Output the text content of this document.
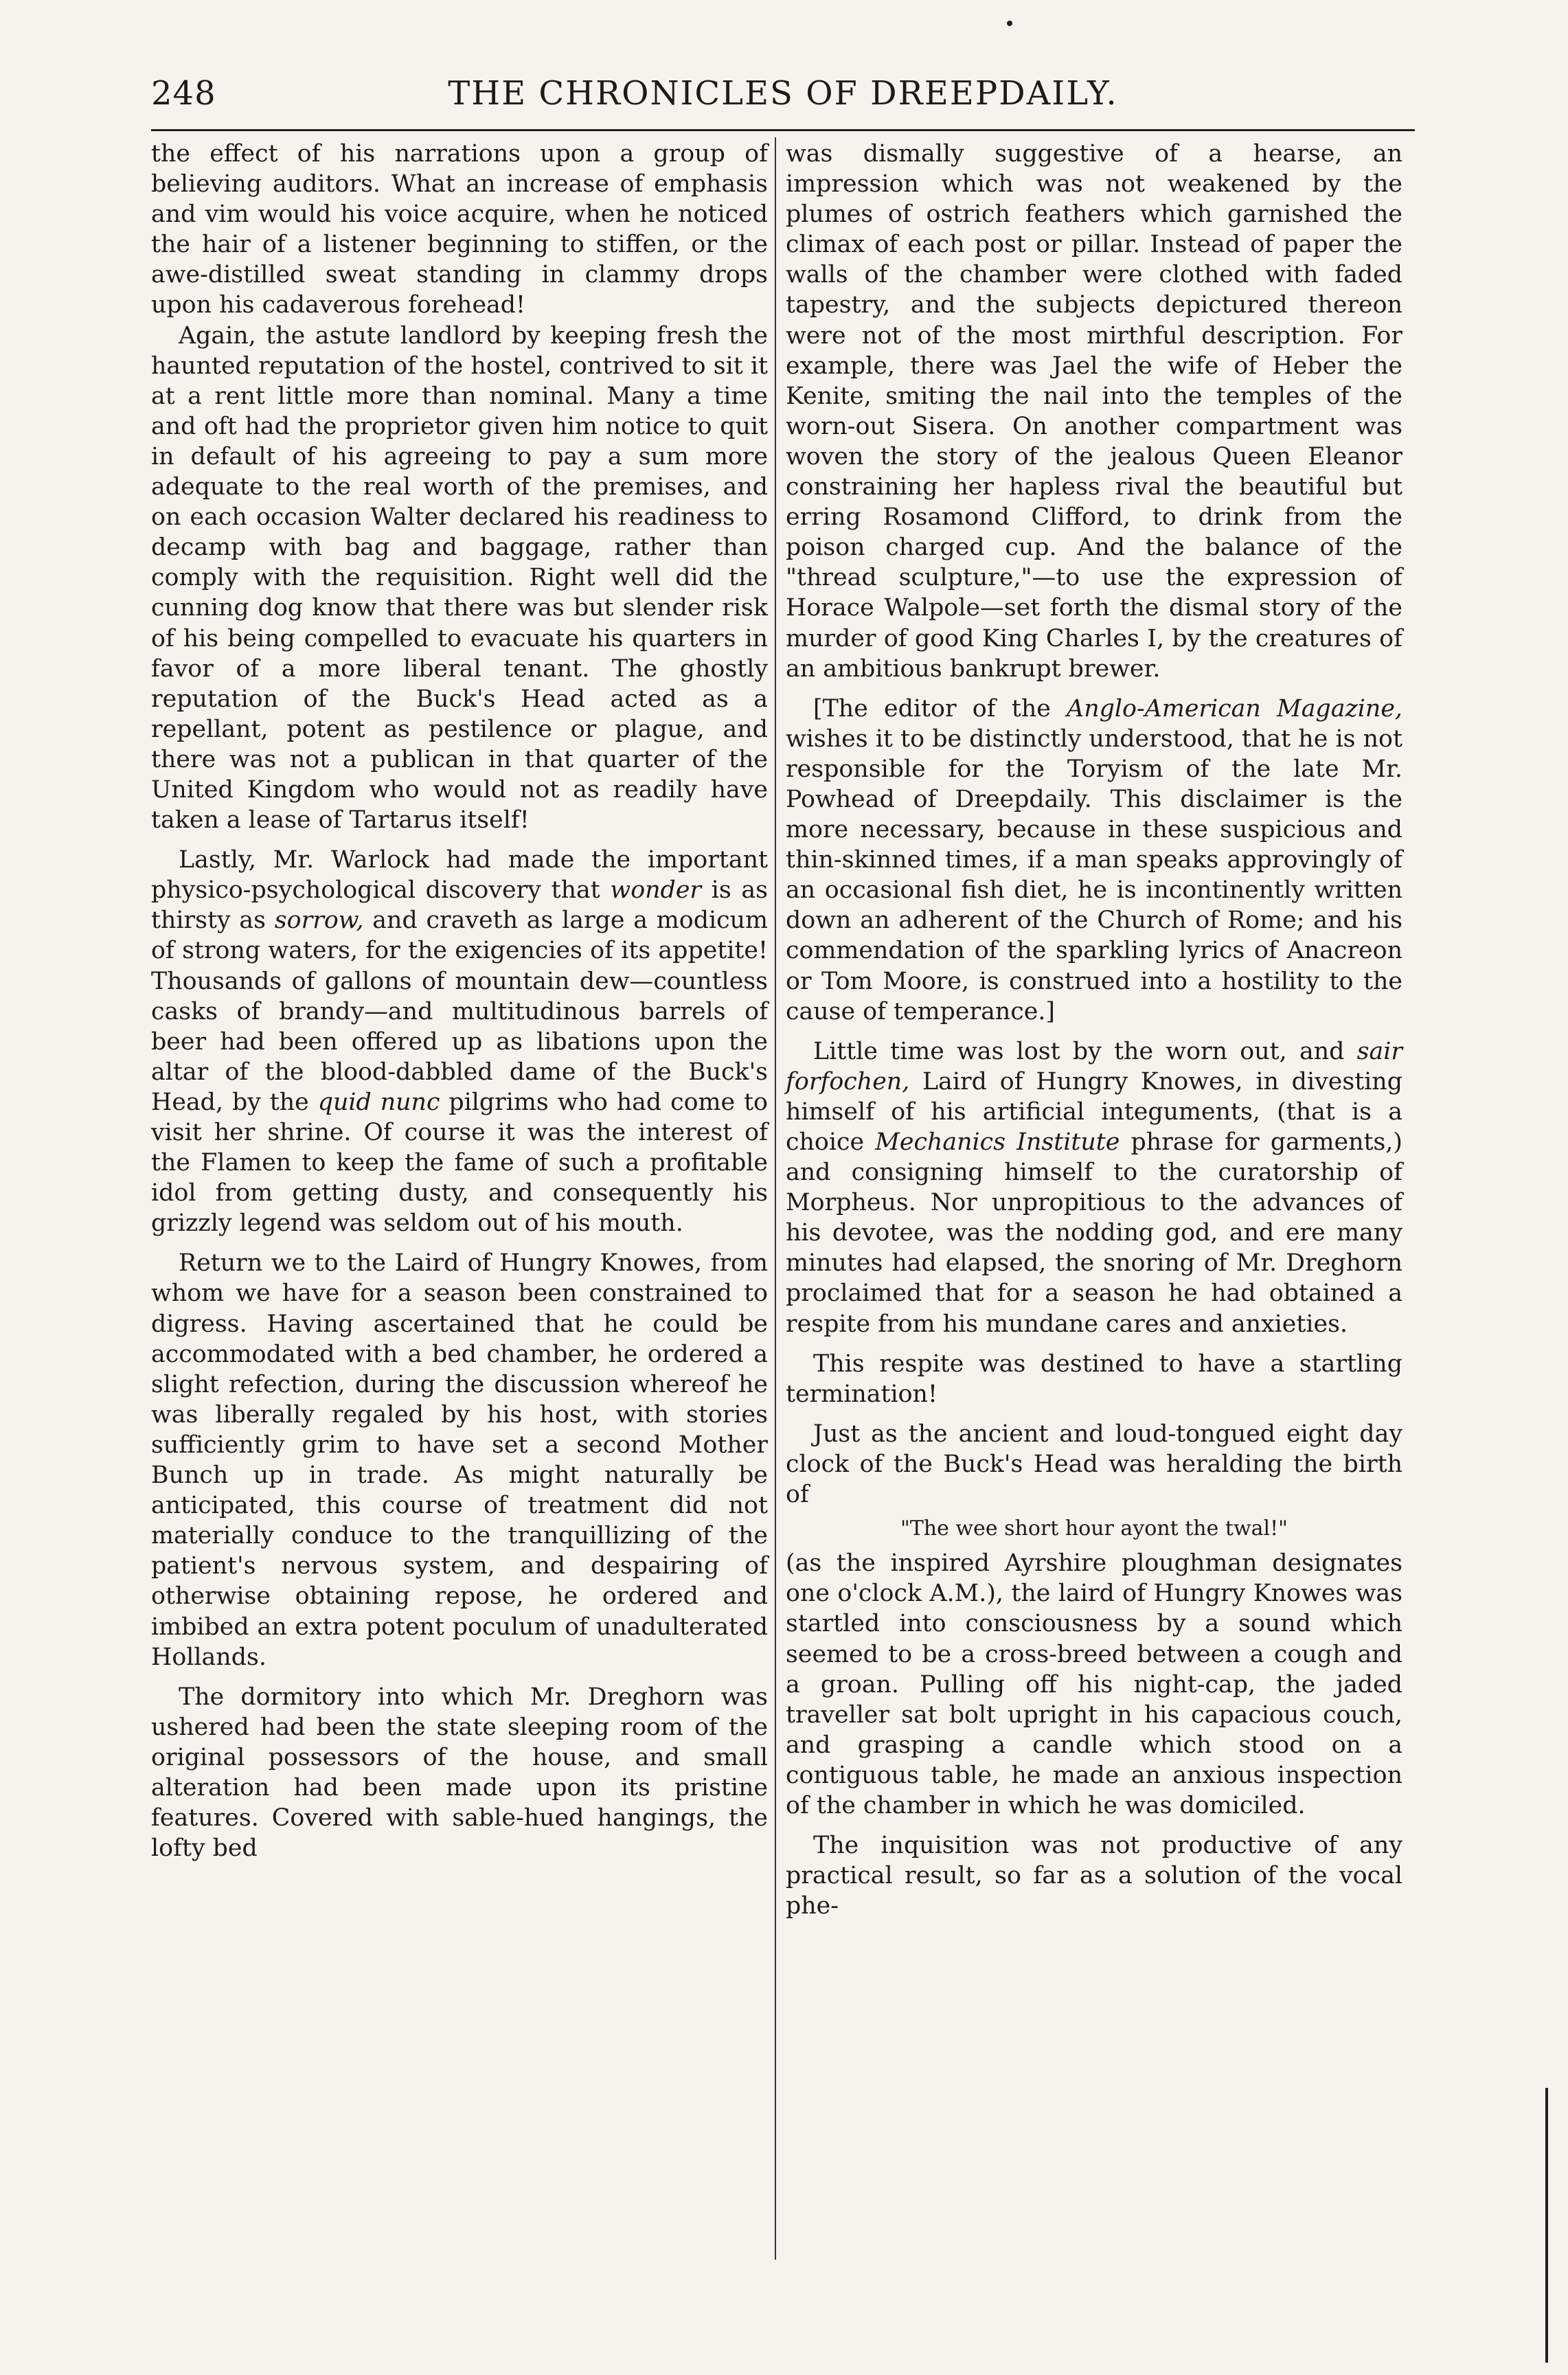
248	THE CHRONICLES OF DREEPDAILY.

the effect of his narrations upon a group of believing auditors. What an increase of emphasis and vim would his voice acquire, when he noticed the hair of a listener beginning to stiffen, or the awe-distilled sweat standing in clammy drops upon his cadaverous forehead!

Again, the astute landlord by keeping fresh the haunted reputation of the hostel, contrived to sit it at a rent little more than nominal. Many a time and oft had the proprietor given him notice to quit in default of his agreeing to pay a sum more adequate to the real worth of the premises, and on each occasion Walter declared his readiness to decamp with bag and baggage, rather than comply with the requisition. Right well did the cunning dog know that there was but slender risk of his being compelled to evacuate his quarters in favor of a more liberal tenant. The ghostly reputation of the Buck's Head acted as a repellant, potent as pestilence or plague, and there was not a publican in that quarter of the United Kingdom who would not as readily have taken a lease of Tartarus itself!

Lastly, Mr. Warlock had made the important physico-psychological discovery that wonder is as thirsty as sorrow, and craveth as large a modicum of strong waters, for the exigencies of its appetite! Thousands of gallons of mountain dew—countless casks of brandy—and multitudinous barrels of beer had been offered up as libations upon the altar of the blood-dabbled dame of the Buck's Head, by the quid nunc pilgrims who had come to visit her shrine. Of course it was the interest of the Flamen to keep the fame of such a profitable idol from getting dusty, and consequently his grizzly legend was seldom out of his mouth.

Return we to the Laird of Hungry Knowes, from whom we have for a season been constrained to digress. Having ascertained that he could be accommodated with a bed chamber, he ordered a slight refection, during the discussion whereof he was liberally regaled by his host, with stories sufficiently grim to have set a second Mother Bunch up in trade. As might naturally be anticipated, this course of treatment did not materially conduce to the tranquillizing of the patient's nervous system, and despairing of otherwise obtaining repose, he ordered and imbibed an extra potent poculum of unadulterated Hollands.

The dormitory into which Mr. Dreghorn was ushered had been the state sleeping room of the original possessors of the house, and small alteration had been made upon its pristine features. Covered with sable-hued hangings, the lofty bed

was dismally suggestive of a hearse, an impression which was not weakened by the plumes of ostrich feathers which garnished the climax of each post or pillar. Instead of paper the walls of the chamber were clothed with faded tapestry, and the subjects depictured thereon were not of the most mirthful description. For example, there was Jael the wife of Heber the Kenite, smiting the nail into the temples of the worn-out Sisera. On another compartment was woven the story of the jealous Queen Eleanor constraining her hapless rival the beautiful but erring Rosamond Clifford, to drink from the poison charged cup. And the balance of the "thread sculpture,"—to use the expression of Horace Walpole—set forth the dismal story of the murder of good King Charles I, by the creatures of an ambitious bankrupt brewer.

[The editor of the Anglo-American Magazine, wishes it to be distinctly understood, that he is not responsible for the Toryism of the late Mr. Powhead of Dreepdaily. This disclaimer is the more necessary, because in these suspicious and thin-skinned times, if a man speaks approvingly of an occasional fish diet, he is incontinently written down an adherent of the Church of Rome; and his commendation of the sparkling lyrics of Anacreon or Tom Moore, is construed into a hostility to the cause of temperance.]

Little time was lost by the worn out, and sair forfochen, Laird of Hungry Knowes, in divesting himself of his artificial integuments, (that is a choice Mechanics Institute phrase for garments,) and consigning himself to the curatorship of Morpheus. Nor unpropitious to the advances of his devotee, was the nodding god, and ere many minutes had elapsed, the snoring of Mr. Dreghorn proclaimed that for a season he had obtained a respite from his mundane cares and anxieties.

This respite was destined to have a startling termination!

Just as the ancient and loud-tongued eight day clock of the Buck's Head was heralding the birth of

"The wee short hour ayont the twal!"

(as the inspired Ayrshire ploughman designates one o'clock A.M.), the laird of Hungry Knowes was startled into consciousness by a sound which seemed to be a cross-breed between a cough and a groan. Pulling off his night-cap, the jaded traveller sat bolt upright in his capacious couch, and grasping a candle which stood on a contiguous table, he made an anxious inspection of the chamber in which he was domiciled.

The inquisition was not productive of any practical result, so far as a solution of the vocal phe-
